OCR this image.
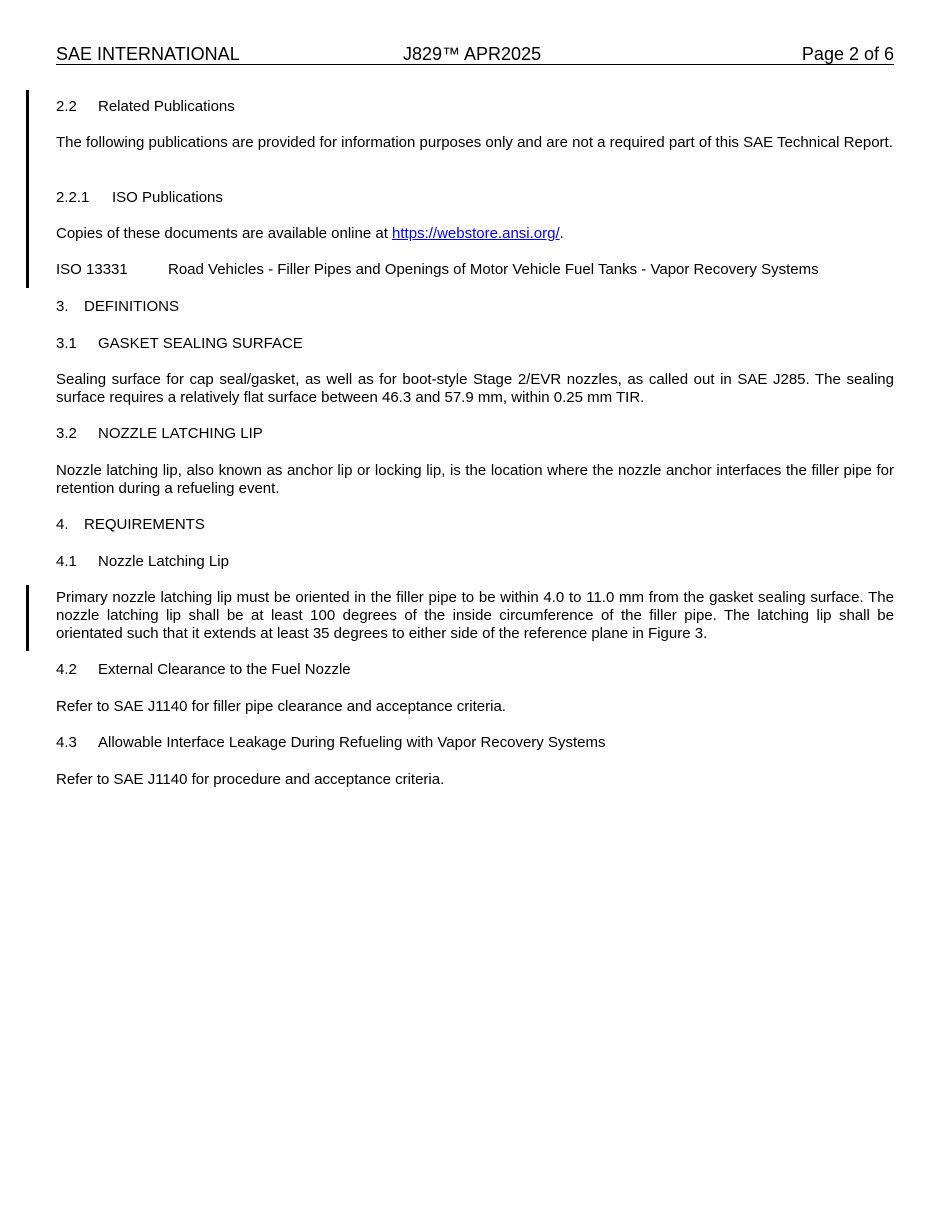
SAE INTERNATIONAL	J829™ APR2025	Page 2 of 6
2.2 Related Publications
The following publications are provided for information purposes only and are not a required part of this SAE Technical Report.
2.2.1 ISO Publications
Copies of these documents are available online at https://webstore.ansi.org/.
ISO 13331	Road Vehicles - Filler Pipes and Openings of Motor Vehicle Fuel Tanks - Vapor Recovery Systems
3. DEFINITIONS
3.1 GASKET SEALING SURFACE
Sealing surface for cap seal/gasket, as well as for boot-style Stage 2/EVR nozzles, as called out in SAE J285. The sealing surface requires a relatively flat surface between 46.3 and 57.9 mm, within 0.25 mm TIR.
3.2 NOZZLE LATCHING LIP
Nozzle latching lip, also known as anchor lip or locking lip, is the location where the nozzle anchor interfaces the filler pipe for retention during a refueling event.
4. REQUIREMENTS
4.1 Nozzle Latching Lip
Primary nozzle latching lip must be oriented in the filler pipe to be within 4.0 to 11.0 mm from the gasket sealing surface. The nozzle latching lip shall be at least 100 degrees of the inside circumference of the filler pipe. The latching lip shall be orientated such that it extends at least 35 degrees to either side of the reference plane in Figure 3.
4.2 External Clearance to the Fuel Nozzle
Refer to SAE J1140 for filler pipe clearance and acceptance criteria.
4.3 Allowable Interface Leakage During Refueling with Vapor Recovery Systems
Refer to SAE J1140 for procedure and acceptance criteria.
